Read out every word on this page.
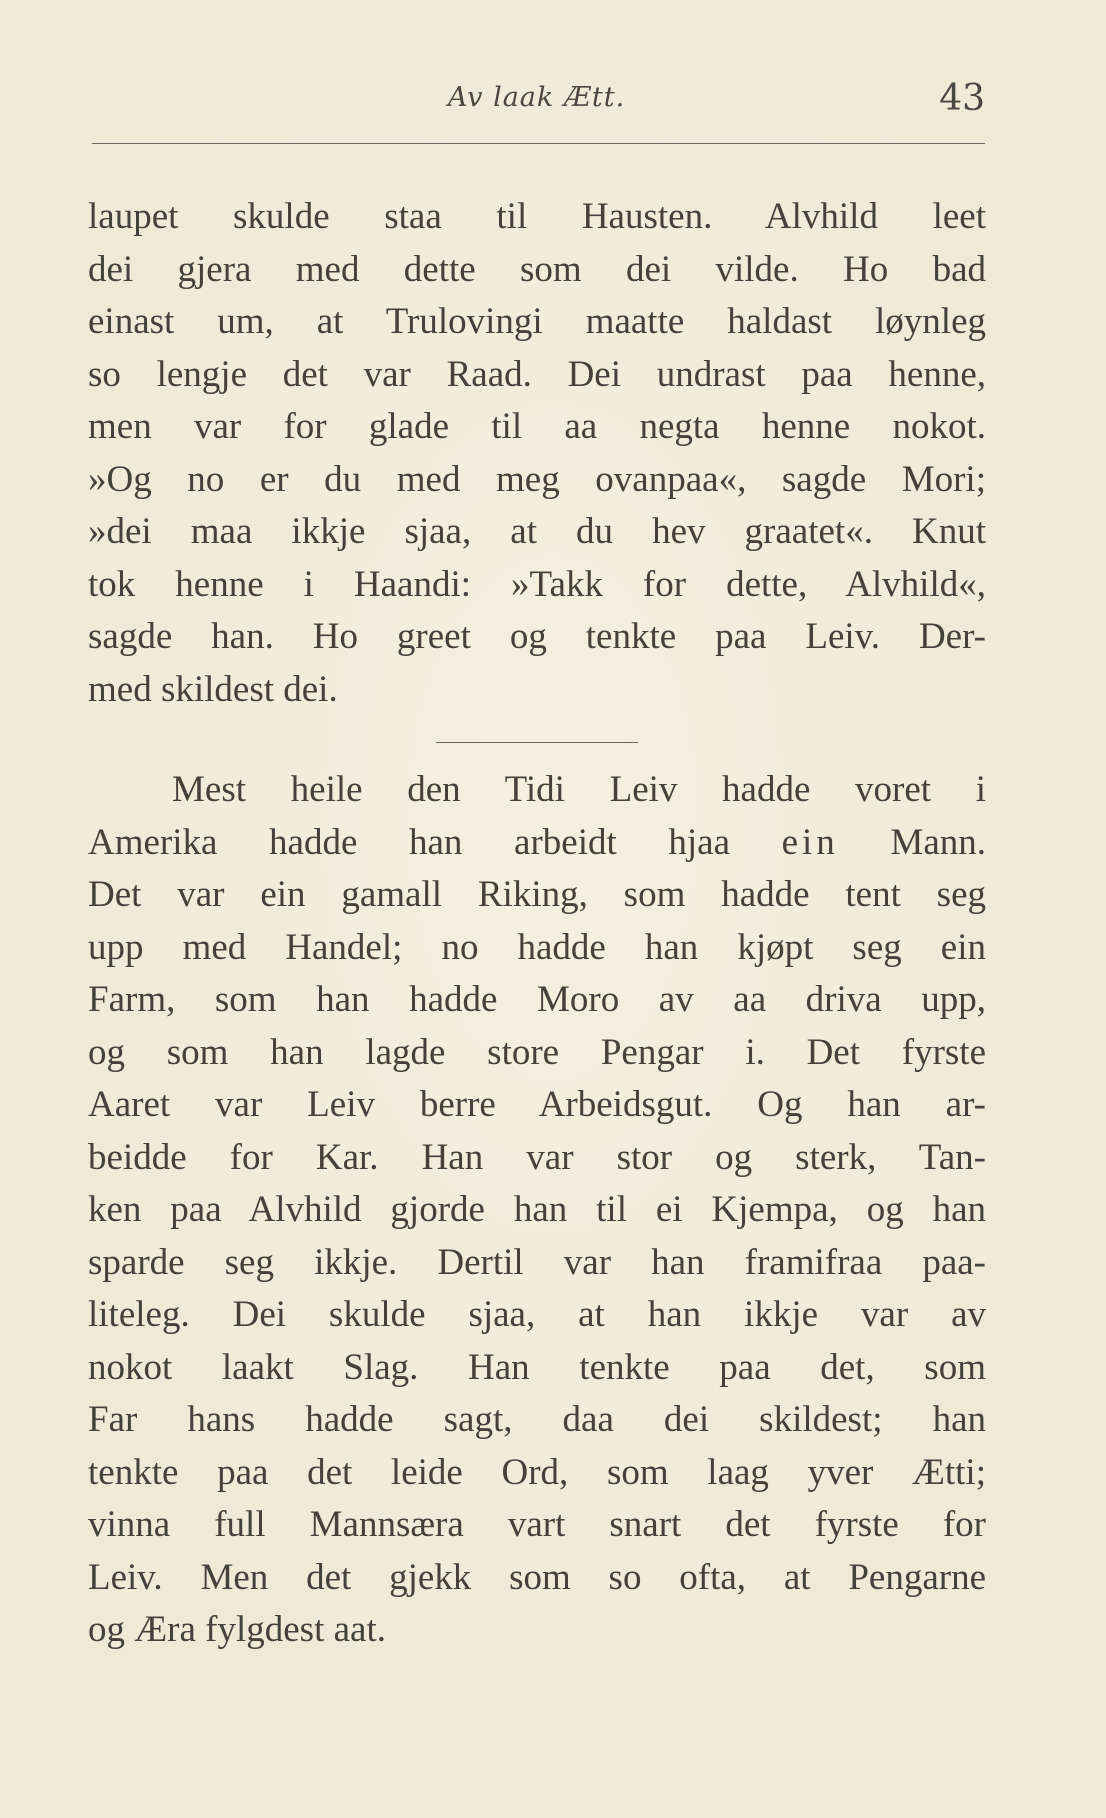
Av laak Ætt.	43
laupet skulde staa til Hausten. Alvhild leet
dei gjera med dette som dei vilde. Ho bad
einast um, at Trulovingi maatte haldast løynleg
so lengje det var Raad. Dei undrast paa henne,
men var for glade til aa negta henne nokot.
»Og no er du med meg ovanpaa«, sagde Mori;
»dei maa ikkje sjaa, at du hev graatet«. Knut
tok henne i Haandi: »Takk for dette, Alvhild«,
sagde han. Ho greet og tenkte paa Leiv. Der-
med skildest dei.
Mest heile den Tidi Leiv hadde voret i
Amerika hadde han arbeidt hjaa ein Mann.
Det var ein gamall Riking, som hadde tent seg
upp med Handel; no hadde han kjøpt seg ein
Farm, som han hadde Moro av aa driva upp,
og som han lagde store Pengar i. Det fyrste
Aaret var Leiv berre Arbeidsgut. Og han ar-
beidde for Kar. Han var stor og sterk, Tan-
ken paa Alvhild gjorde han til ei Kjempa, og han
sparde seg ikkje. Dertil var han framifraa paa-
liteleg. Dei skulde sjaa, at han ikkje var av
nokot laakt Slag. Han tenkte paa det, som
Far hans hadde sagt, daa dei skildest; han
tenkte paa det leide Ord, som laag yver Ætti;
vinna full Mannsæra vart snart det fyrste for
Leiv. Men det gjekk som so ofta, at Pengarne
og Æra fylgdest aat.
